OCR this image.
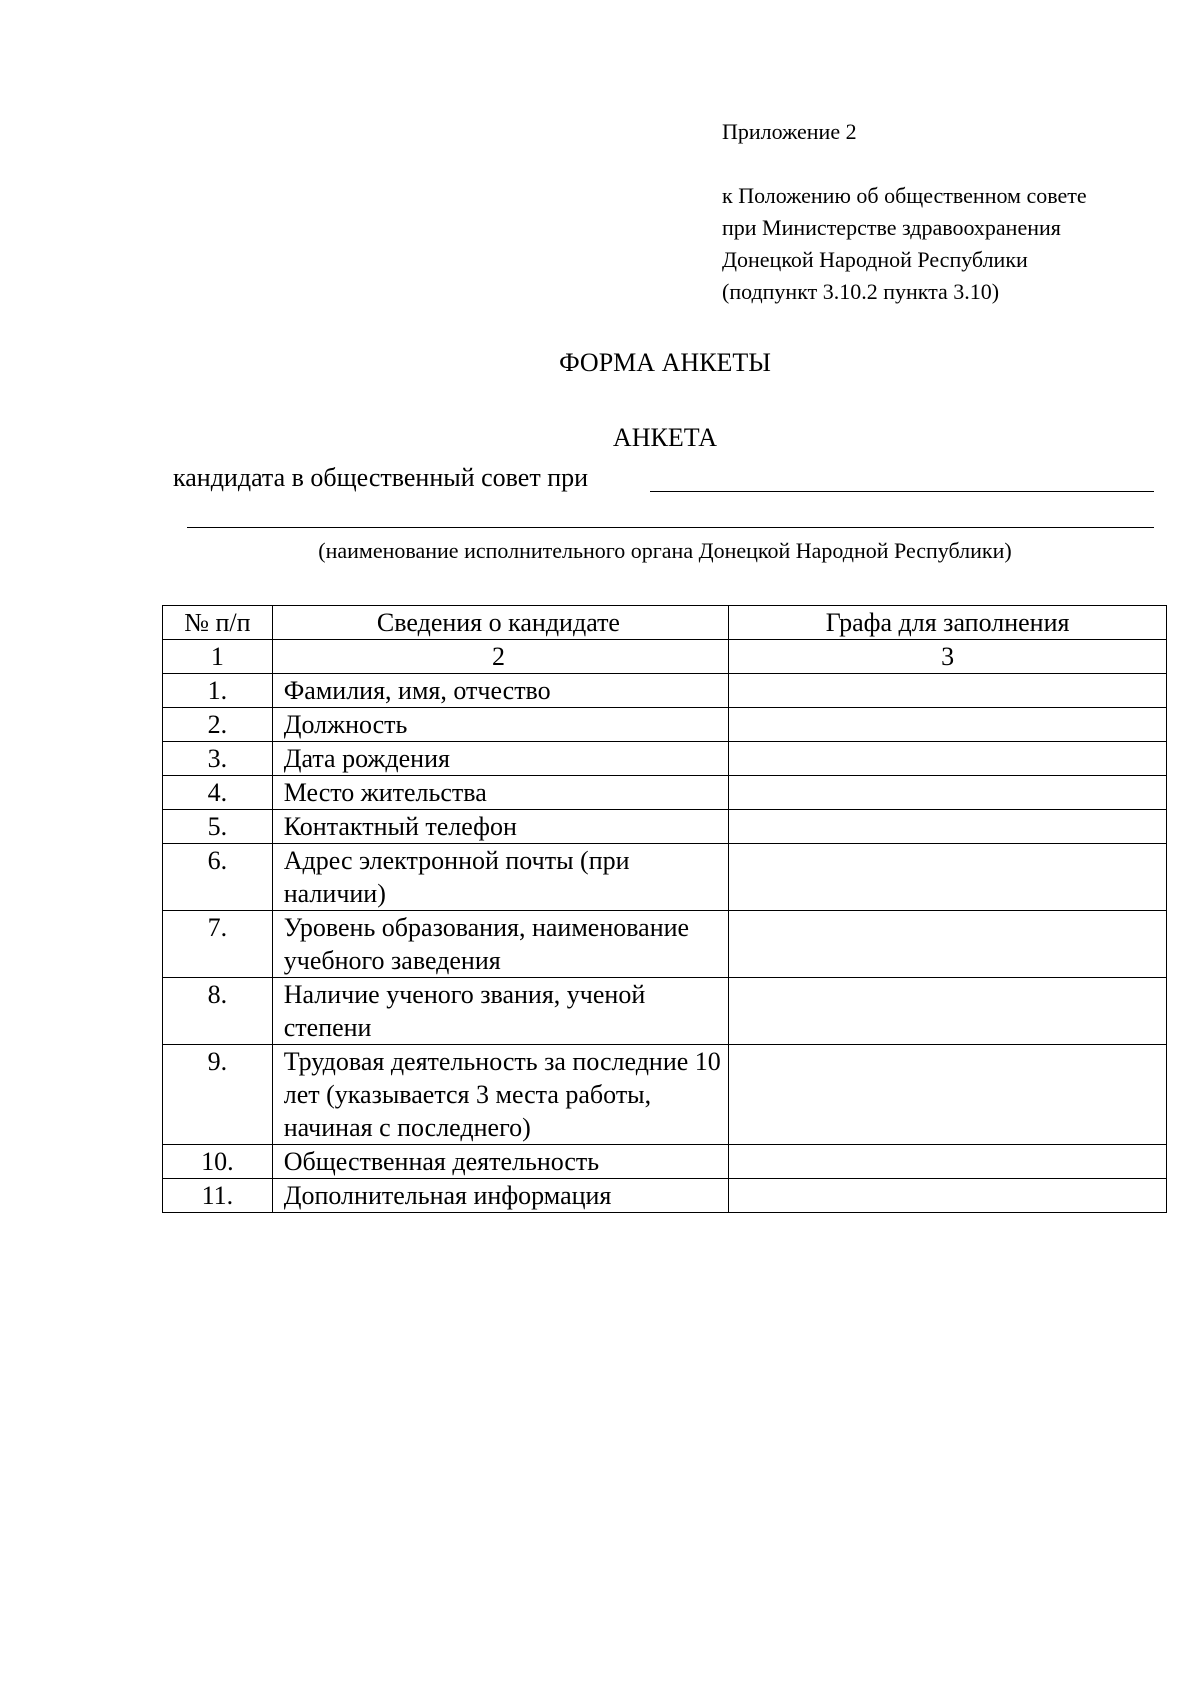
Приложение 2
к Положению об общественном совете
при Министерстве здравоохранения
Донецкой Народной Республики
(подпункт 3.10.2 пункта 3.10)
ФОРМА АНКЕТЫ
АНКЕТА
кандидата в общественный совет при
(наименование исполнительного органа Донецкой Народной Республики)
№ п/п	Сведения о кандидате	Графа для заполнения
1	2	3
1.	Фамилия, имя, отчество	
2.	Должность	
3.	Дата рождения	
4.	Место жительства	
5.	Контактный телефон	
6.	Адрес электронной почты (при наличии)	
7.	Уровень образования, наименование учебного заведения	
8.	Наличие ученого звания, ученой степени	
9.	Трудовая деятельность за последние 10 лет (указывается 3 места работы, начиная с последнего)	
10.	Общественная деятельность	
11.	Дополнительная информация	
